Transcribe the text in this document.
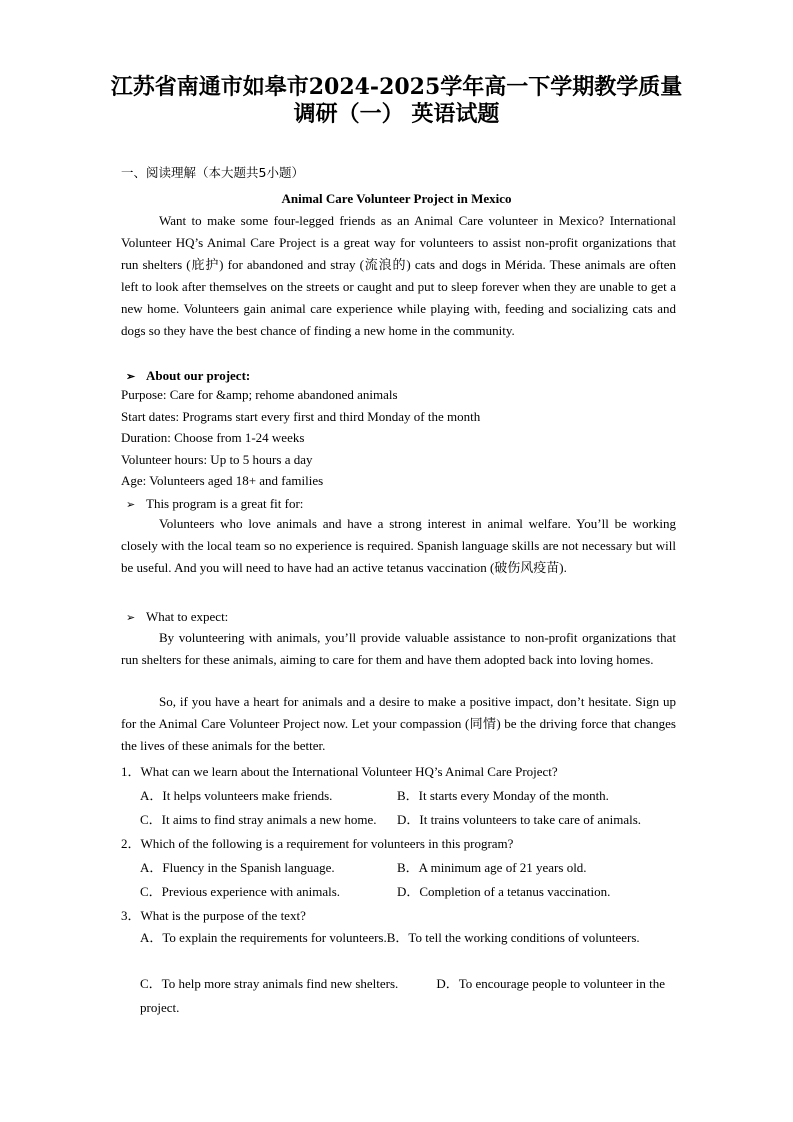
江苏省南通市如皋市2024-2025学年高一下学期教学质量
调研（一） 英语试题
一、阅读理解（本大题共5小题）
Animal Care Volunteer Project in Mexico
Want to make some four-legged friends as an Animal Care volunteer in Mexico? International Volunteer HQ’s Animal Care Project is a great way for volunteers to assist non-profit organizations that run shelters (庇护) for abandoned and stray (流浪的) cats and dogs in Mérida. These animals are often left to look after themselves on the streets or caught and put to sleep forever when they are unable to get a new home. Volunteers gain animal care experience while playing with, feeding and socializing cats and dogs so they have the best chance of finding a new home in the community.
➢ About our project:
Purpose: Care for &amp; rehome abandoned animals
Start dates: Programs start every first and third Monday of the month
Duration: Choose from 1-24 weeks
Volunteer hours: Up to 5 hours a day
Age: Volunteers aged 18+ and families
➢ This program is a great fit for:
Volunteers who love animals and have a strong interest in animal welfare. You’ll be working closely with the local team so no experience is required. Spanish language skills are not necessary but will be useful. And you will need to have had an active tetanus vaccination (破伤风疫苗).
➢ What to expect:
By volunteering with animals, you’ll provide valuable assistance to non-profit organizations that run shelters for these animals, aiming to care for them and have them adopted back into loving homes.
So, if you have a heart for animals and a desire to make a positive impact, don’t hesitate. Sign up for the Animal Care Volunteer Project now. Let your compassion (同情) be the driving force that changes the lives of these animals for the better.
1．What can we learn about the International Volunteer HQ’s Animal Care Project?
A．It helps volunteers make friends.	B．It starts every Monday of the month.
C．It aims to find stray animals a new home. D．It trains volunteers to take care of animals.
2．Which of the following is a requirement for volunteers in this program?
A．Fluency in the Spanish language.	B．A minimum age of 21 years old.
C．Previous experience with animals.	D．Completion of a tetanus vaccination.
3．What is the purpose of the text?
A．To explain the requirements for volunteers.B．To tell the working conditions of volunteers.
C．To help more stray animals find new shelters.	D．To encourage people to volunteer in the project.
